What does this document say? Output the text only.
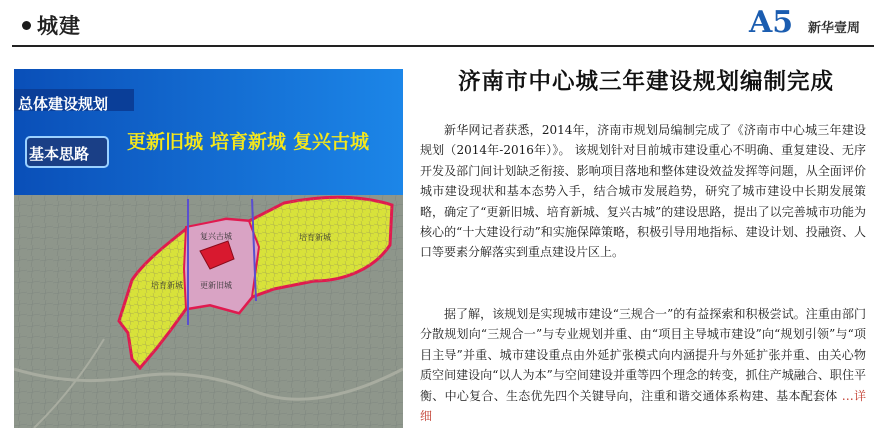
城建	A5 新华壹周
总体建设规划
基本思路
更新旧城 培育新城 复兴古城
复兴古城	培育新城
培育新城 更新旧城
济南市中心城三年建设规划编制完成

新华网记者获悉，2014年，济南市规划局编制完成了《济南市中心城三年建设规划（2014年-2016年）》。 该规划针对目前城市建设重心不明确、重复建设、无序开发及部门间计划缺乏衔接、影响项目落地和整体建设效益发挥等问题，从全面评价城市建设现状和基本态势入手，结合城市发展趋势，研究了城市建设中长期发展策略，确定了“更新旧城、培育新城、复兴古城”的建设思路，提出了以完善城市功能为核心的“十大建设行动”和实施保障策略，积极引导用地指标、建设计划、投融资、人口等要素分解落实到重点建设片区上。

据了解，该规划是实现城市建设“三规合一”的有益探索和积极尝试。注重由部门分散规划向“三规合一”与专业规划并重、由“项目主导城市建设”向“规划引领”与“项目主导”并重、城市建设重点由外延扩张模式向内涵提升与外延扩张并重、由关心物质空间建设向“以人为本”与空间建设并重等四个理念的转变，抓住产城融合、职住平衡、中心复合、生态优先四个关键导向，注重和谐交通体系构建、基本配套体 …详细
